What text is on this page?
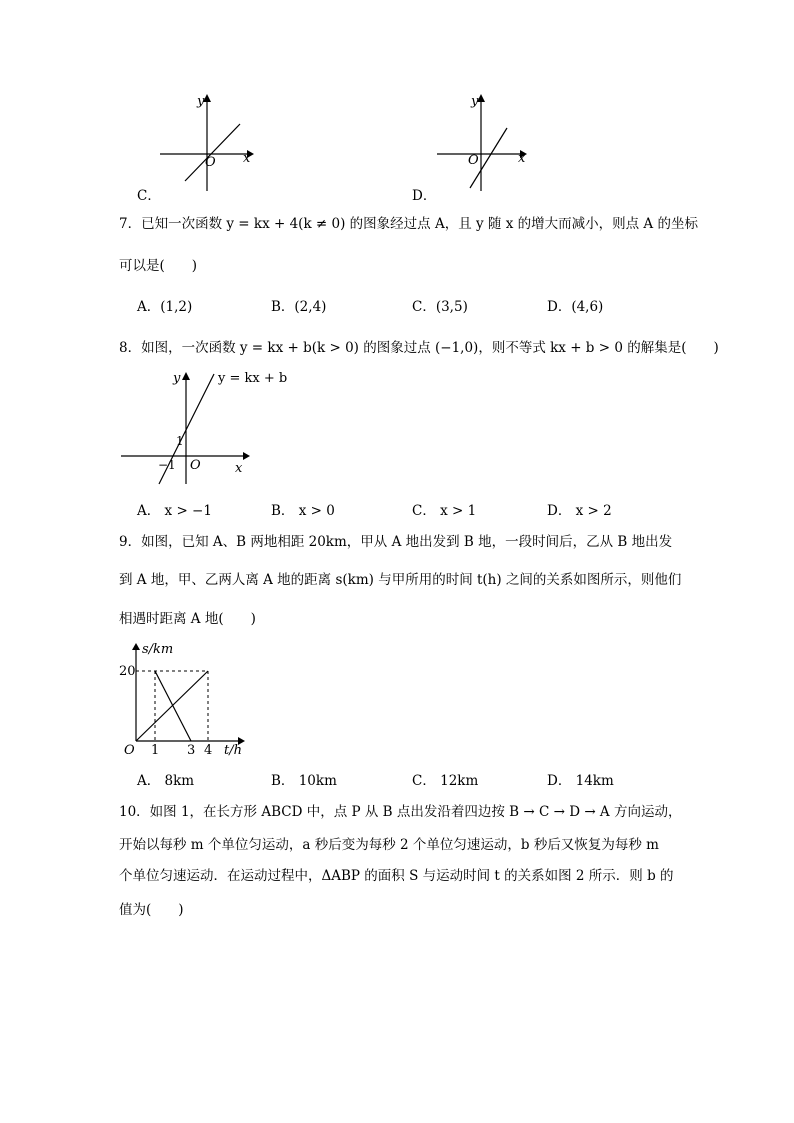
y
x
O
C．
y
x
O
D．
7．已知一次函数 y = kx + 4(k ≠ 0) 的图象经过点 A，且 y 随 x 的增大而减小，则点 A 的坐标
可以是(　　)
A．(1,2)	B．(2,4)	C．(3,5)	D．(4,6)
8．如图，一次函数 y = kx + b(k > 0) 的图象过点 (−1,0)，则不等式 kx + b > 0 的解集是(　　)
y
x
O
y = kx + b
1
−1
A． x > −1	B． x > 0	C． x > 1	D． x > 2
9．如图，已知 A、B 两地相距 20km，甲从 A 地出发到 B 地，一段时间后，乙从 B 地出发
到 A 地，甲、乙两人离 A 地的距离 s(km) 与甲所用的时间 t(h) 之间的关系如图所示，则他们
相遇时距离 A 地(　　)
s/km
t/h
O
20
1 3 4
A． 8km	B． 10km	C． 12km	D． 14km
10．如图 1，在长方形 ABCD 中，点 P 从 B 点出发沿着四边按 B → C → D → A 方向运动，
开始以每秒 m 个单位匀运动，a 秒后变为每秒 2 个单位匀速运动，b 秒后又恢复为每秒 m
个单位匀速运动．在运动过程中，ΔABP 的面积 S 与运动时间 t 的关系如图 2 所示．则 b 的
值为(　　)
